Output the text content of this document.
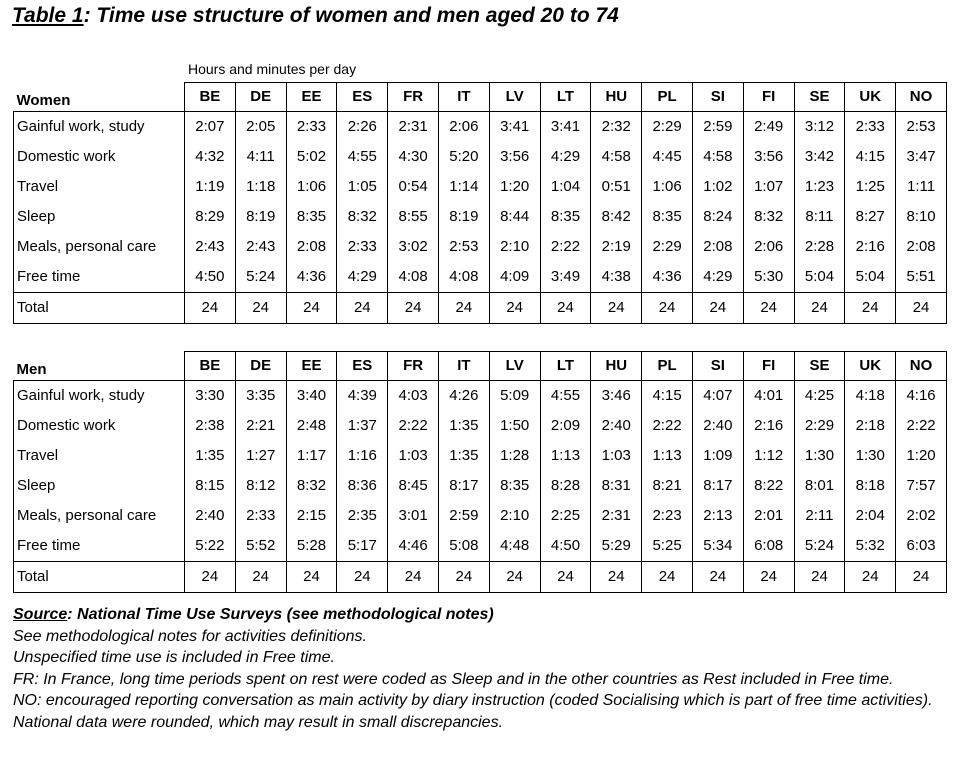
Table 1: Time use structure of women and men aged 20 to 74
Hours and minutes per day
Women	BE	DE	EE	ES	FR	IT	LV	LT	HU	PL	SI	FI	SE	UK	NO
Gainful work, study	2:07	2:05	2:33	2:26	2:31	2:06	3:41	3:41	2:32	2:29	2:59	2:49	3:12	2:33	2:53
Domestic work	4:32	4:11	5:02	4:55	4:30	5:20	3:56	4:29	4:58	4:45	4:58	3:56	3:42	4:15	3:47
Travel	1:19	1:18	1:06	1:05	0:54	1:14	1:20	1:04	0:51	1:06	1:02	1:07	1:23	1:25	1:11
Sleep	8:29	8:19	8:35	8:32	8:55	8:19	8:44	8:35	8:42	8:35	8:24	8:32	8:11	8:27	8:10
Meals, personal care	2:43	2:43	2:08	2:33	3:02	2:53	2:10	2:22	2:19	2:29	2:08	2:06	2:28	2:16	2:08
Free time	4:50	5:24	4:36	4:29	4:08	4:08	4:09	3:49	4:38	4:36	4:29	5:30	5:04	5:04	5:51
Total	24	24	24	24	24	24	24	24	24	24	24	24	24	24	24
Men	BE	DE	EE	ES	FR	IT	LV	LT	HU	PL	SI	FI	SE	UK	NO
Gainful work, study	3:30	3:35	3:40	4:39	4:03	4:26	5:09	4:55	3:46	4:15	4:07	4:01	4:25	4:18	4:16
Domestic work	2:38	2:21	2:48	1:37	2:22	1:35	1:50	2:09	2:40	2:22	2:40	2:16	2:29	2:18	2:22
Travel	1:35	1:27	1:17	1:16	1:03	1:35	1:28	1:13	1:03	1:13	1:09	1:12	1:30	1:30	1:20
Sleep	8:15	8:12	8:32	8:36	8:45	8:17	8:35	8:28	8:31	8:21	8:17	8:22	8:01	8:18	7:57
Meals, personal care	2:40	2:33	2:15	2:35	3:01	2:59	2:10	2:25	2:31	2:23	2:13	2:01	2:11	2:04	2:02
Free time	5:22	5:52	5:28	5:17	4:46	5:08	4:48	4:50	5:29	5:25	5:34	6:08	5:24	5:32	6:03
Total	24	24	24	24	24	24	24	24	24	24	24	24	24	24	24

Source: National Time Use Surveys (see methodological notes)

See methodological notes for activities definitions.

Unspecified time use is included in Free time.

FR: In France, long time periods spent on rest were coded as Sleep and in the other countries as Rest included in Free time.

NO: encouraged reporting conversation as main activity by diary instruction (coded Socialising which is part of free time activities).

National data were rounded, which may result in small discrepancies.
